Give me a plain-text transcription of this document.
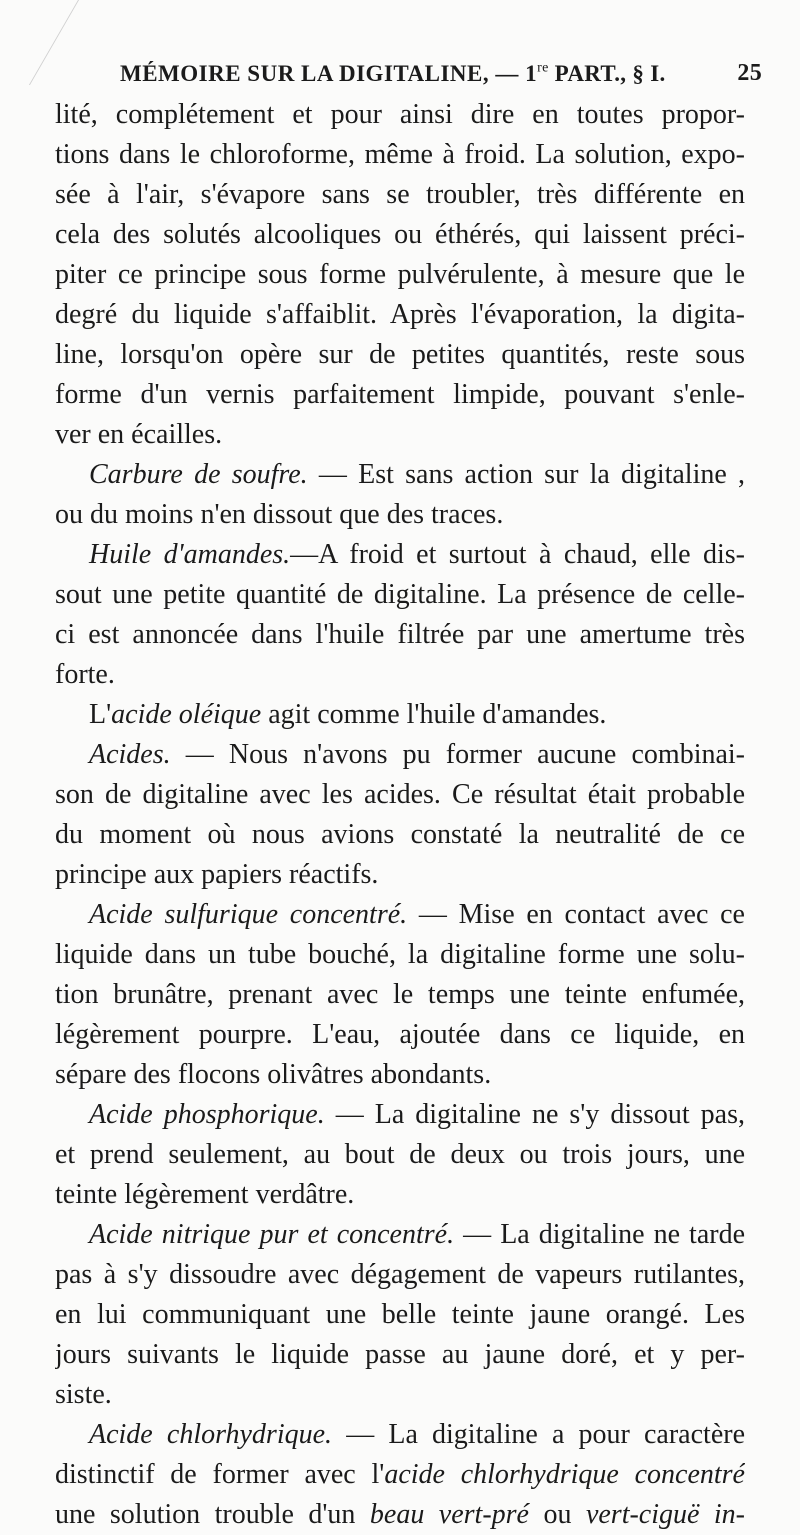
MÉMOIRE SUR LA DIGITALINE, — 1re PART., § I.	25
lité, complétement et pour ainsi dire en toutes propor-
tions dans le chloroforme, même à froid. La solution, expo-
sée à l'air, s'évapore sans se troubler, très différente en
cela des solutés alcooliques ou éthérés, qui laissent préci-
piter ce principe sous forme pulvérulente, à mesure que le
degré du liquide s'affaiblit. Après l'évaporation, la digita-
line, lorsqu'on opère sur de petites quantités, reste sous
forme d'un vernis parfaitement limpide, pouvant s'enle-
ver en écailles.
Carbure de soufre. — Est sans action sur la digitaline ,
ou du moins n'en dissout que des traces.
Huile d'amandes.—A froid et surtout à chaud, elle dis-
sout une petite quantité de digitaline. La présence de celle-
ci est annoncée dans l'huile filtrée par une amertume très
forte.
L'acide oléique agit comme l'huile d'amandes.
Acides. — Nous n'avons pu former aucune combinai-
son de digitaline avec les acides. Ce résultat était probable
du moment où nous avions constaté la neutralité de ce
principe aux papiers réactifs.
Acide sulfurique concentré. — Mise en contact avec ce
liquide dans un tube bouché, la digitaline forme une solu-
tion brunâtre, prenant avec le temps une teinte enfumée,
légèrement pourpre. L'eau, ajoutée dans ce liquide, en
sépare des flocons olivâtres abondants.
Acide phosphorique. — La digitaline ne s'y dissout pas,
et prend seulement, au bout de deux ou trois jours, une
teinte légèrement verdâtre.
Acide nitrique pur et concentré. — La digitaline ne tarde
pas à s'y dissoudre avec dégagement de vapeurs rutilantes,
en lui communiquant une belle teinte jaune orangé. Les
jours suivants le liquide passe au jaune doré, et y per-
siste.
Acide chlorhydrique. — La digitaline a pour caractère
distinctif de former avec l'acide chlorhydrique concentré
une solution trouble d'un beau vert-pré ou vert-ciguë in-
